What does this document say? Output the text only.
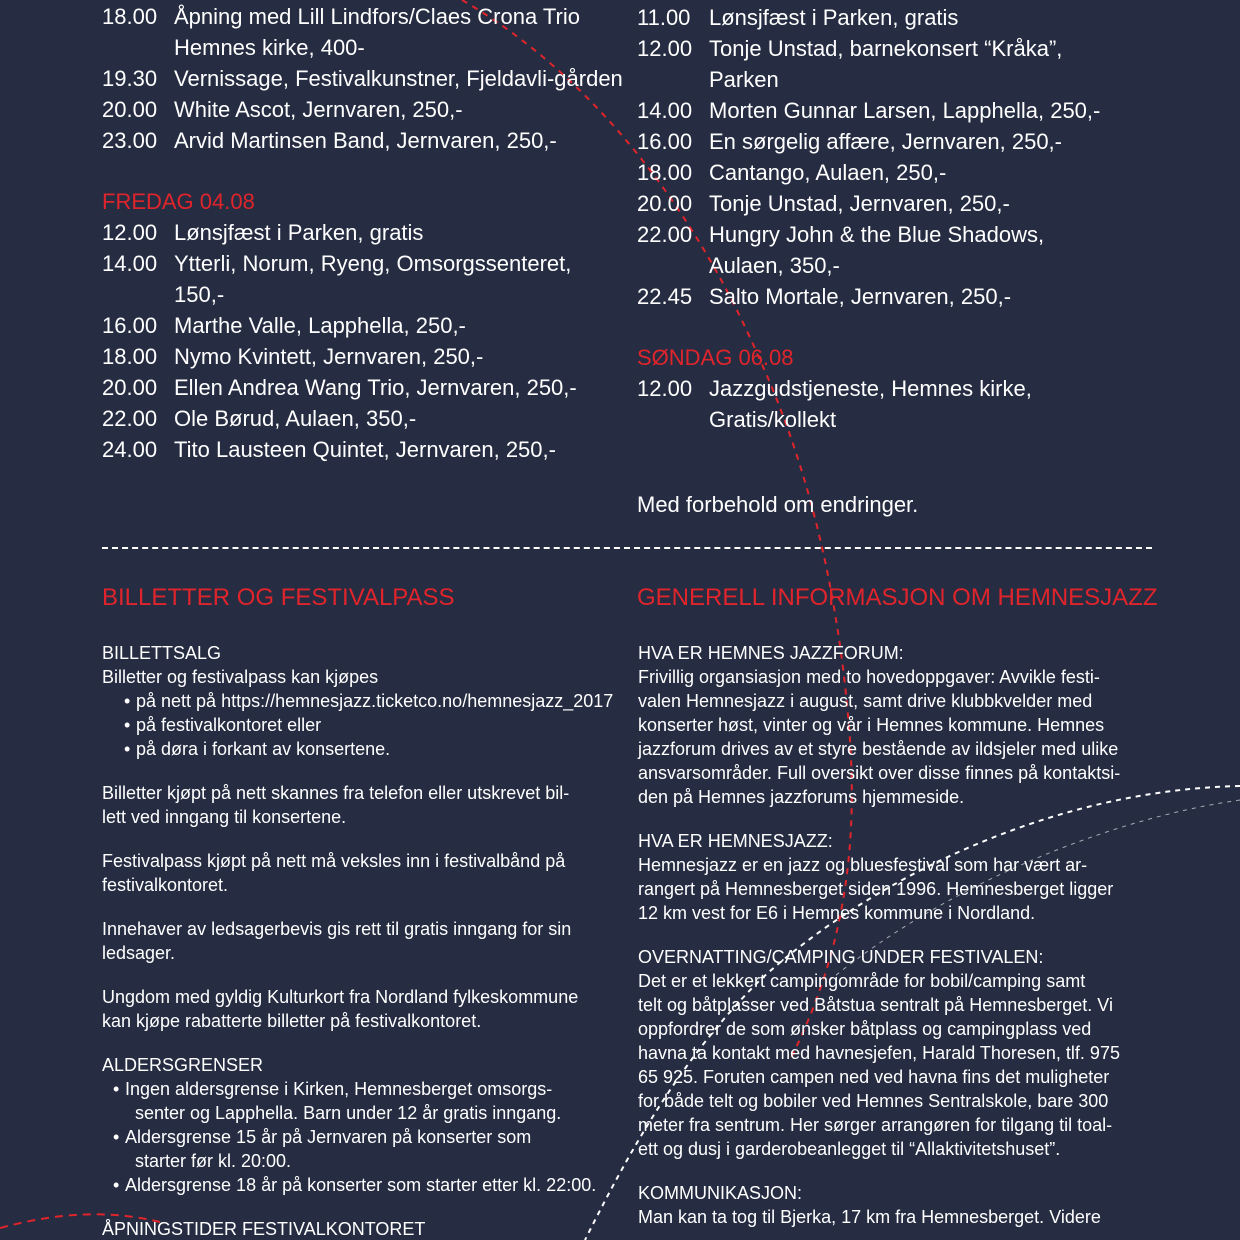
18.00 Åpning med Lill Lindfors/Claes Crona Trio
Hemnes kirke, 400-
19.30 Vernissage, Festivalkunstner, Fjeldavli-gården
20.00 White Ascot, Jernvaren, 250,-
23.00 Arvid Martinsen Band, Jernvaren, 250,-
FREDAG 04.08
12.00 Lønsjfæst i Parken, gratis
14.00 Ytterli, Norum, Ryeng, Omsorgssenteret,
150,-
16.00 Marthe Valle, Lapphella, 250,-
18.00 Nymo Kvintett, Jernvaren, 250,-
20.00 Ellen Andrea Wang Trio, Jernvaren, 250,-
22.00 Ole Børud, Aulaen, 350,-
24.00 Tito Lausteen Quintet, Jernvaren, 250,-
11.00 Lønsjfæst i Parken, gratis
12.00 Tonje Unstad, barnekonsert “Kråka”,
Parken
14.00 Morten Gunnar Larsen, Lapphella, 250,-
16.00 En sørgelig affære, Jernvaren, 250,-
18.00 Cantango, Aulaen, 250,-
20.00 Tonje Unstad, Jernvaren, 250,-
22.00 Hungry John & the Blue Shadows,
Aulaen, 350,-
22.45 Salto Mortale, Jernvaren, 250,-
SØNDAG 06.08
12.00 Jazzgudstjeneste, Hemnes kirke,
Gratis/kollekt
Med forbehold om endringer.
BILLETTER OG FESTIVALPASS	GENERELL INFORMASJON OM HEMNESJAZZ

BILLETTSALG

Billetter og festivalpass kan kjøpes

• på nett på https://hemnesjazz.ticketco.no/hemnesjazz_2017
• på festivalkontoret eller
• på døra i forkant av konsertene.

Billetter kjøpt på nett skannes fra telefon eller utskrevet bil-

lett ved inngang til konsertene.

Festivalpass kjøpt på nett må veksles inn i festivalbånd på

festivalkontoret.

Innehaver av ledsagerbevis gis rett til gratis inngang for sin

ledsager.

Ungdom med gyldig Kulturkort fra Nordland fylkeskommune

kan kjøpe rabatterte billetter på festivalkontoret.

ALDERSGRENSER

• Ingen aldersgrense i Kirken, Hemnesberget omsorgs-
senter og Lapphella. Barn under 12 år gratis inngang.
• Aldersgrense 15 år på Jernvaren på konserter som
starter før kl. 20:00.
• Aldersgrense 18 år på konserter som starter etter kl. 22:00.

ÅPNINGSTIDER FESTIVALKONTORET

HVA ER HEMNES JAZZFORUM:

Frivillig organsiasjon med to hovedoppgaver: Avvikle festi-

valen Hemnesjazz i august, samt drive klubbkvelder med

konserter høst, vinter og vår i Hemnes kommune. Hemnes

jazzforum drives av et styre bestående av ildsjeler med ulike

ansvarsområder. Full oversikt over disse finnes på kontaktsi-

den på Hemnes jazzforums hjemmeside.

HVA ER HEMNESJAZZ:

Hemnesjazz er en jazz og bluesfestival som har vært ar-

rangert på Hemnesberget siden 1996. Hemnesberget ligger

12 km vest for E6 i Hemnes kommune i Nordland.

OVERNATTING/CAMPING UNDER FESTIVALEN:

Det er et lekkert campingområde for bobil/camping samt

telt og båtplasser ved Båtstua sentralt på Hemnesberget. Vi

oppfordrer de som ønsker båtplass og campingplass ved

havna ta kontakt med havnesjefen, Harald Thoresen, tlf. 975

65 925. Foruten campen ned ved havna fins det muligheter

for både telt og bobiler ved Hemnes Sentralskole, bare 300

meter fra sentrum. Her sørger arrangøren for tilgang til toal-

ett og dusj i garderobeanlegget til “Allaktivitetshuset”.

KOMMUNIKASJON:

Man kan ta tog til Bjerka, 17 km fra Hemnesberget. Videre
